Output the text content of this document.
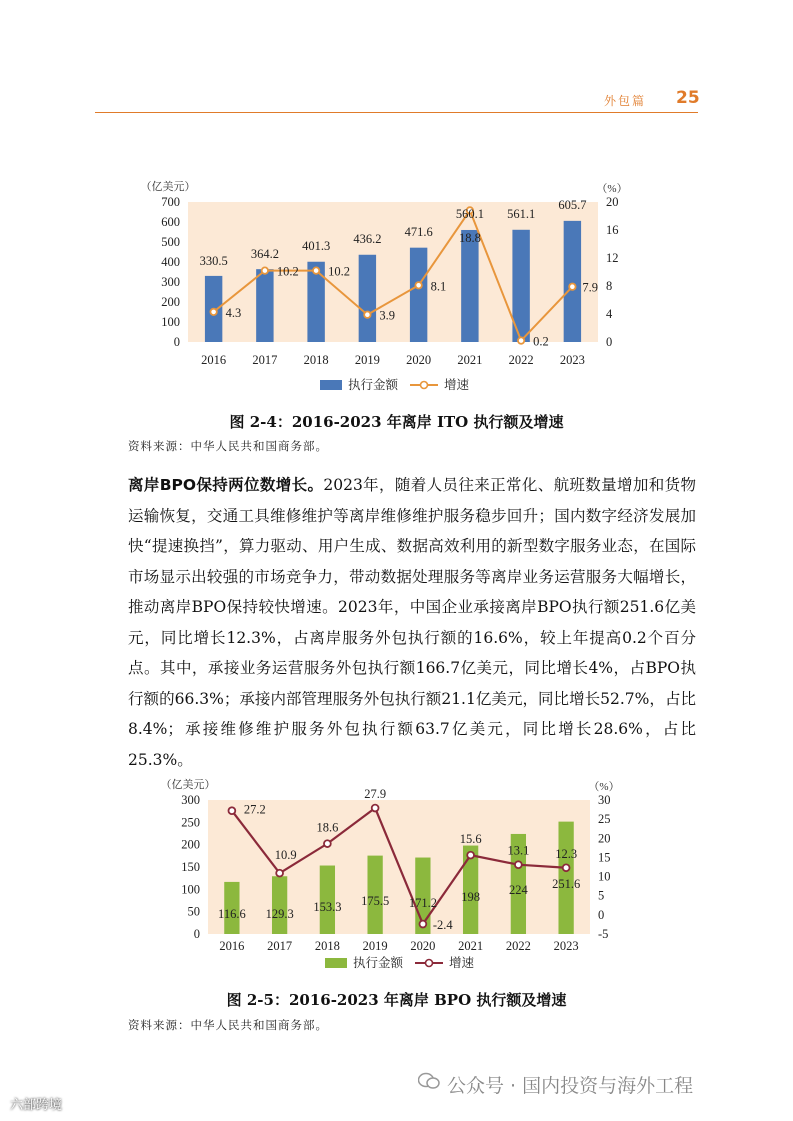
外包篇 25
（亿美元）	（%）
0
100
200
300
400
500
600
700
0
4
8
12
16
20
330.5 364.2
401.3 436.2 471.6
560.1 561.1
605.7
4.3
10.2 10.2
3.9
8.1
18.8
0.2
7.9
2016 2017 2018 2019 2020 2021 2022 2023
执行金额	增速
图 2-4：2016-2023 年离岸 ITO 执行额及增速
资料来源：中华人民共和国商务部。
离岸BPO保持两位数增长。2023年，随着人员往来正常化、航班数量增加和货物运输恢复，交通工具维修维护等离岸维修维护服务稳步回升；国内数字经济发展加快“提速换挡”，算力驱动、用户生成、数据高效利用的新型数字服务业态，在国际市场显示出较强的市场竞争力，带动数据处理服务等离岸业务运营服务大幅增长，推动离岸BPO保持较快增速。2023年，中国企业承接离岸BPO执行额251.6亿美元，同比增长12.3%，占离岸服务外包执行额的16.6%，较上年提高0.2个百分点。其中，承接业务运营服务外包执行额166.7亿美元，同比增长4%，占BPO执行额的66.3%；承接内部管理服务外包执行额21.1亿美元，同比增长52.7%，占比8.4%；承接维修维护服务外包执行额63.7亿美元，同比增长28.6%，占比25.3%。
（亿美元）	（%）
0
50
100
150
200
250
300
-5
0
5
10
15
20
25
30
116.6 129.3 153.3 175.5 171.2 198 224 251.6
27.2
10.9
18.6
27.9
-2.4
15.6
13.1 12.3
2016 2017 2018 2019 2020 2021 2022 2023
执行金额	增速
图 2-5：2016-2023 年离岸 BPO 执行额及增速
资料来源：中华人民共和国商务部。
公众号 · 国内投资与海外工程
六部跨境
